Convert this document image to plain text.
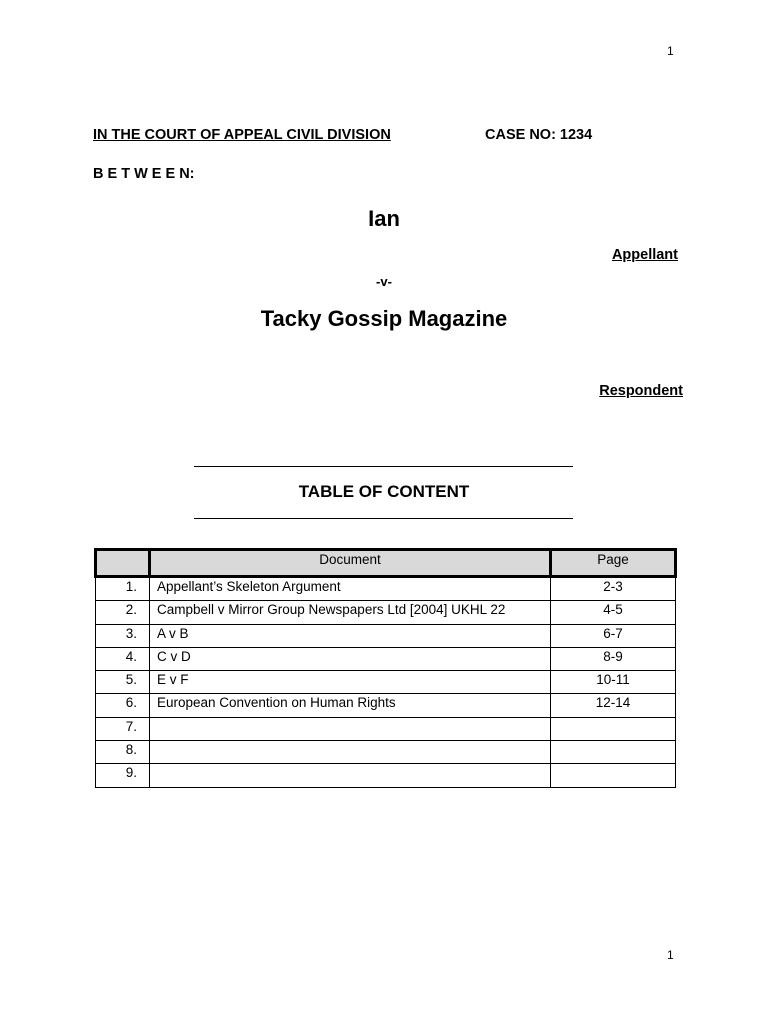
1
IN THE COURT OF APPEAL CIVIL DIVISION	CASE NO: 1234
B E T W E E N:
Ian
Appellant
-v-
Tacky Gossip Magazine
Respondent
TABLE OF CONTENT
	Document	Page
1.	Appellant’s Skeleton Argument	2-3
2.	Campbell v Mirror Group Newspapers Ltd [2004] UKHL 22	4-5
3.	A v B	6-7
4.	C v D	8-9
5.	E v F	10-11
6.	European Convention on Human Rights	12-14
7.		
8.		
9.		
1
